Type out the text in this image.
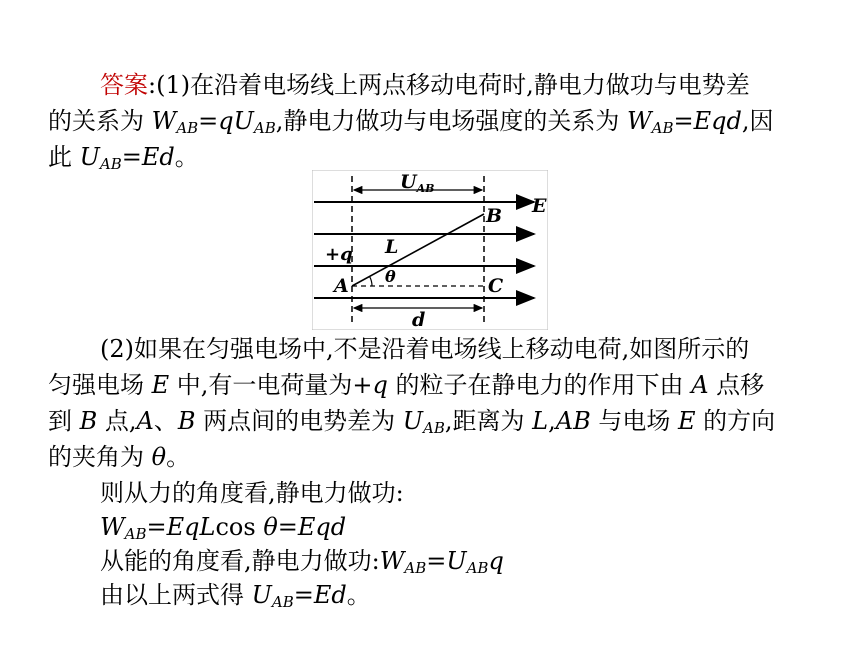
答案:(1)在沿着电场线上两点移动电荷时,静电力做功与电势差
的关系为 $W_{AB}=qU_{AB}$,静电力做功与电场强度的关系为 $W_{AB}=Eqd$,因
此 $U_{AB}=Ed$。
$U_{AB}$
E
B
+q L
A θ	C
d
(2)如果在匀强电场中,不是沿着电场线上移动电荷,如图所示的
匀强电场 E 中,有一电荷量为+q 的粒子在静电力的作用下由 A 点移
到 B 点,A、B 两点间的电势差为 $U_{AB}$,距离为 L,AB 与电场 E 的方向
的夹角为 θ。
则从力的角度看,静电力做功:
$W_{AB}=EqLcos$ θ=Eqd
从能的角度看,静电力做功$:W_{AB}=U_{AB}q$
由以上两式得 $U_{AB}=Ed$。
